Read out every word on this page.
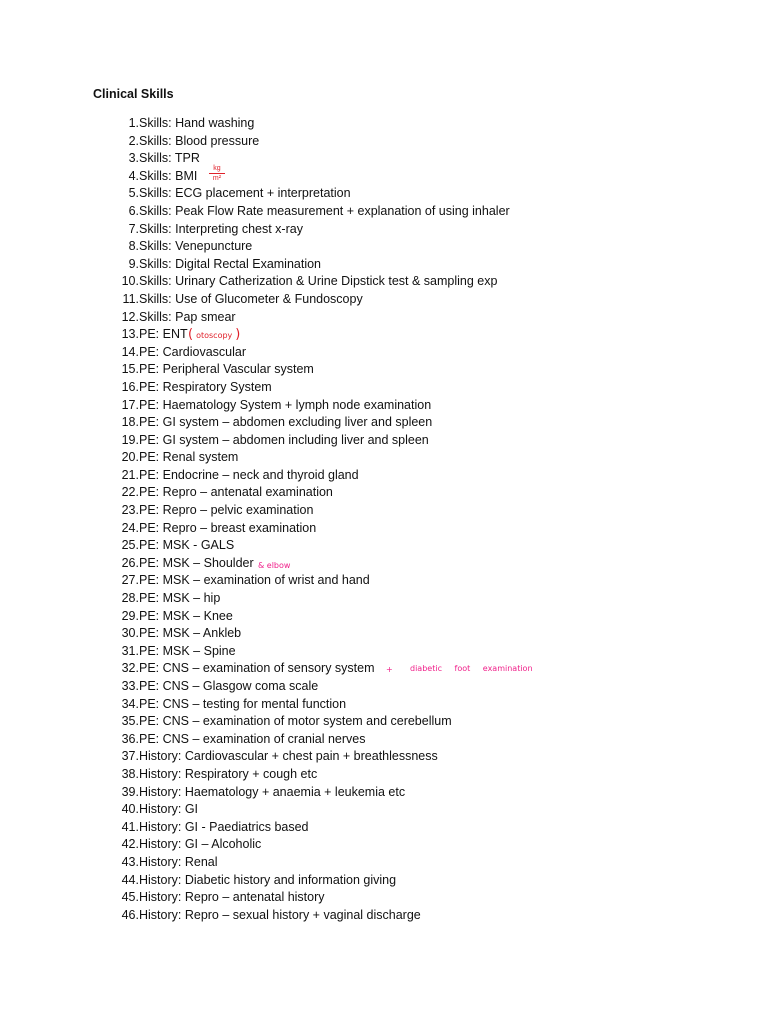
Clinical Skills
1. Skills: Hand washing
2. Skills: Blood pressure
3. Skills: TPR
4. Skills: BMI
kg
m²
5. Skills: ECG placement + interpretation
6. Skills: Peak Flow Rate measurement + explanation of using inhaler
7. Skills: Interpreting chest x-ray
8. Skills: Venepuncture
9. Skills: Digital Rectal Examination
10. Skills: Urinary Catherization & Urine Dipstick test & sampling exp
11. Skills: Use of Glucometer & Fundoscopy
12. Skills: Pap smear
13. PE: ENT ( otoscopy )
14. PE: Cardiovascular
15. PE: Peripheral Vascular system
16. PE: Respiratory System
17. PE: Haematology System + lymph node examination
18. PE: GI system – abdomen excluding liver and spleen
19. PE: GI system – abdomen including liver and spleen
20. PE: Renal system
21. PE: Endocrine – neck and thyroid gland
22. PE: Repro – antenatal examination
23. PE: Repro – pelvic examination
24. PE: Repro – breast examination
25. PE: MSK - GALS
26. PE: MSK – Shoulder & elbow
27. PE: MSK – examination of wrist and hand
28. PE: MSK – hip
29. PE: MSK – Knee
30. PE: MSK – Ankleb
31. PE: MSK – Spine
32. PE: CNS – examination of sensory system + diabetic foot examination
33. PE: CNS – Glasgow coma scale
34. PE: CNS – testing for mental function
35. PE: CNS – examination of motor system and cerebellum
36. PE: CNS – examination of cranial nerves
37. History: Cardiovascular + chest pain + breathlessness
38. History: Respiratory + cough etc
39. History: Haematology + anaemia + leukemia etc
40. History: GI
41. History: GI - Paediatrics based
42. History: GI – Alcoholic
43. History: Renal
44. History: Diabetic history and information giving
45. History: Repro – antenatal history
46. History: Repro – sexual history + vaginal discharge
